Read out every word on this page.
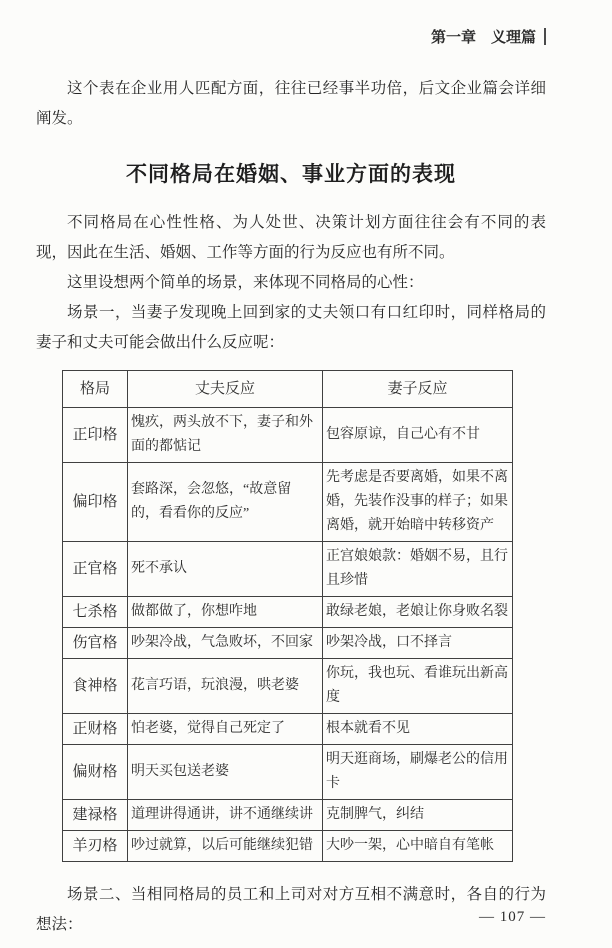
第一章　义理篇

这个表在企业用人匹配方面，往往已经事半功倍，后文企业篇会详细阐发。

不同格局在婚姻、事业方面的表现

不同格局在心性性格、为人处世、决策计划方面往往会有不同的表现，因此在生活、婚姻、工作等方面的行为反应也有所不同。

这里设想两个简单的场景，来体现不同格局的心性：

场景一，当妻子发现晚上回到家的丈夫领口有口红印时，同样格局的妻子和丈夫可能会做出什么反应呢：

格局	丈夫反应	妻子反应
正印格	愧疚，两头放不下，妻子和外面的都惦记	包容原谅，自己心有不甘
偏印格	套路深，会忽悠，“故意留的，看看你的反应”	先考虑是否要离婚，如果不离婚，先装作没事的样子；如果离婚，就开始暗中转移资产
正官格	死不承认	正宫娘娘款：婚姻不易，且行且珍惜
七杀格	做都做了，你想咋地	敢绿老娘，老娘让你身败名裂
伤官格	吵架冷战，气急败坏，不回家	吵架冷战，口不择言
食神格	花言巧语，玩浪漫，哄老婆	你玩，我也玩、看谁玩出新高度
正财格	怕老婆，觉得自己死定了	根本就看不见
偏财格	明天买包送老婆	明天逛商场，刷爆老公的信用卡
建禄格	道理讲得通讲，讲不通继续讲	克制脾气，纠结
羊刃格	吵过就算，以后可能继续犯错	大吵一架，心中暗自有笔帐

场景二、当相同格局的员工和上司对对方互相不满意时，各自的行为想法：	— 107 —
